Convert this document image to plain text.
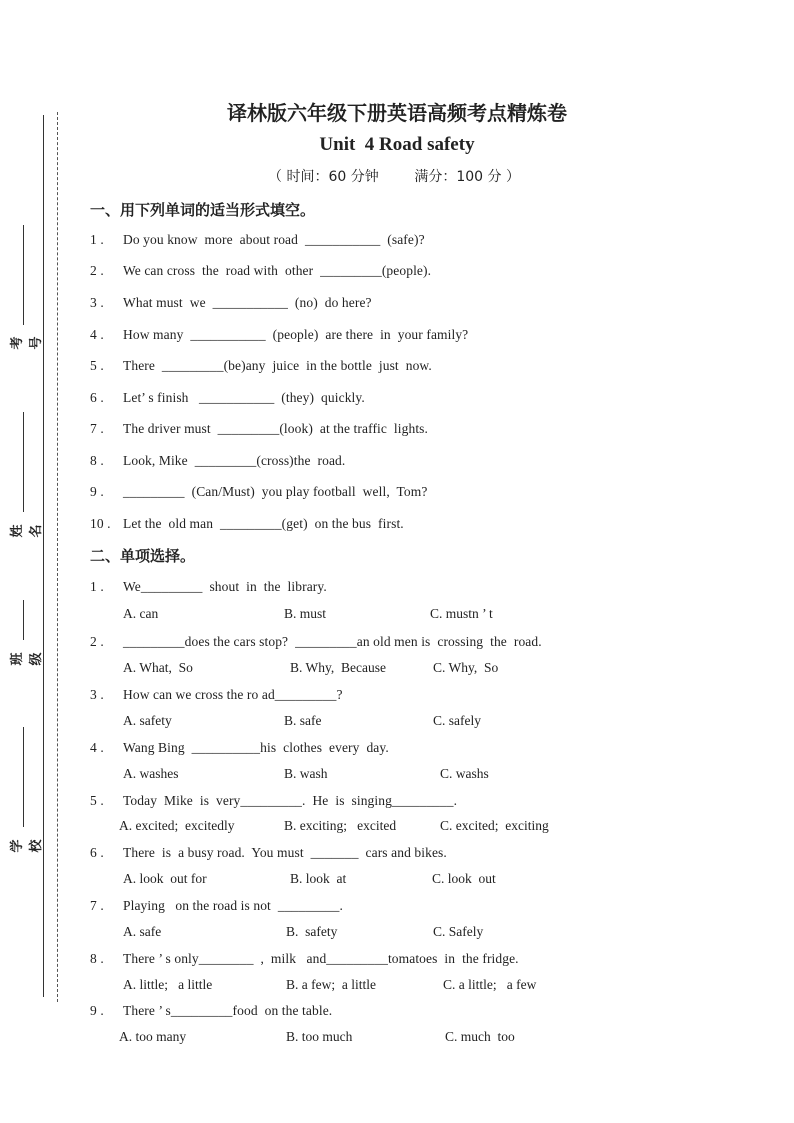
考号
姓名
班级
学校
译林版六年级下册英语高频考点精炼卷
Unit  4 Road safety
（ 时间：60 分钟        满分：100 分 ）
一、用下列单词的适当形式填空。
1 . Do you know  more  about road  ___________  (safe)?
2 . We can cross  the  road with  other  _________(people).
3 . What must  we  ___________  (no)  do here?
4 . How many  ___________  (people)  are there  in  your family?
5 . There  _________(be)any  juice  in the bottle  just  now.
6 . Let’ s finish   ___________  (they)  quickly.
7 . The driver must  _________(look)  at the traffic  lights.
8 . Look, Mike  _________(cross)the  road.
9 . _________  (Can/Must)  you play football  well,  Tom?
10 . Let the  old man  _________(get)  on the bus  first.
二、单项选择。
1 . We_________  shout  in  the  library.
A. can	B. must	C. mustn ’ t
2 . _________does the cars stop?  _________an old men is  crossing  the  road.
A. What,  So	B. Why,  Because	C. Why,  So
3 . How can we cross the ro ad_________?
A. safety	B. safe	C. safely
4 . Wang Bing  __________his  clothes  every  day.
A. washes	B. wash	C. washs
5 . Today  Mike  is  very_________.  He  is  singing_________.
A. excited;  excitedly	B. exciting;   excited	C. excited;  exciting
6 . There  is  a busy road.  You must  _______  cars and bikes.
A. look  out for	B. look  at	C. look  out
7 . Playing   on the road is not  _________.
A. safe	B.  safety	C. Safely
8 . There ’ s only________  ,  milk   and_________tomatoes  in  the fridge.
A. little;   a little	B. a few;  a little	C. a little;   a few
9 . There ’ s_________food  on the table.
A. too many	B. too much	C. much  too
